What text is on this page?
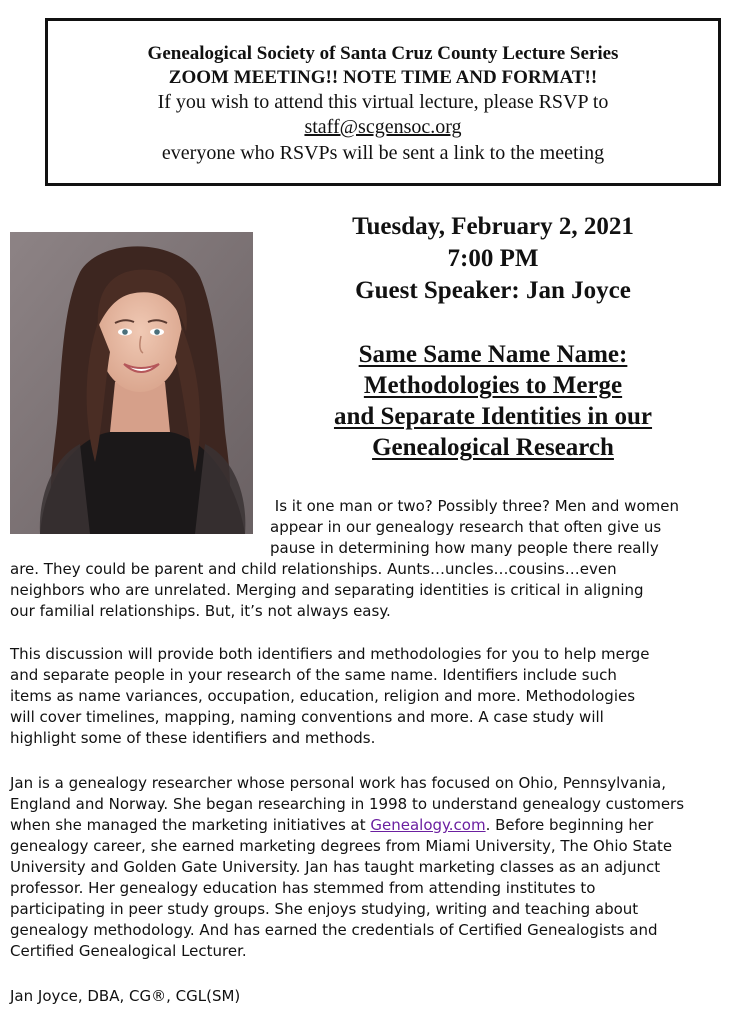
Genealogical Society of Santa Cruz County Lecture Series
ZOOM MEETING!! NOTE TIME AND FORMAT!!
If you wish to attend this virtual lecture, please RSVP to
staff@scgensoc.org
everyone who RSVPs will be sent a link to the meeting
Tuesday, February 2, 2021
7:00 PM
Guest Speaker: Jan Joyce
Same Same Name Name:
Methodologies to Merge
and Separate Identities in our
Genealogical Research
Is it one man or two? Possibly three? Men and women
appear in our genealogy research that often give us
pause in determining how many people there really
are. They could be parent and child relationships. Aunts…uncles…cousins…even
neighbors who are unrelated. Merging and separating identities is critical in aligning
our familial relationships. But, it’s not always easy.
This discussion will provide both identifiers and methodologies for you to help merge
and separate people in your research of the same name. Identifiers include such
items as name variances, occupation, education, religion and more. Methodologies
will cover timelines, mapping, naming conventions and more. A case study will
highlight some of these identifiers and methods.
Jan is a genealogy researcher whose personal work has focused on Ohio, Pennsylvania,
England and Norway. She began researching in 1998 to understand genealogy customers
when she managed the marketing initiatives at Genealogy.com. Before beginning her
genealogy career, she earned marketing degrees from Miami University, The Ohio State
University and Golden Gate University. Jan has taught marketing classes as an adjunct
professor. Her genealogy education has stemmed from attending institutes to
participating in peer study groups. She enjoys studying, writing and teaching about
genealogy methodology. And has earned the credentials of Certified Genealogists and
Certified Genealogical Lecturer.
Jan Joyce, DBA, CG®, CGL(SM)
